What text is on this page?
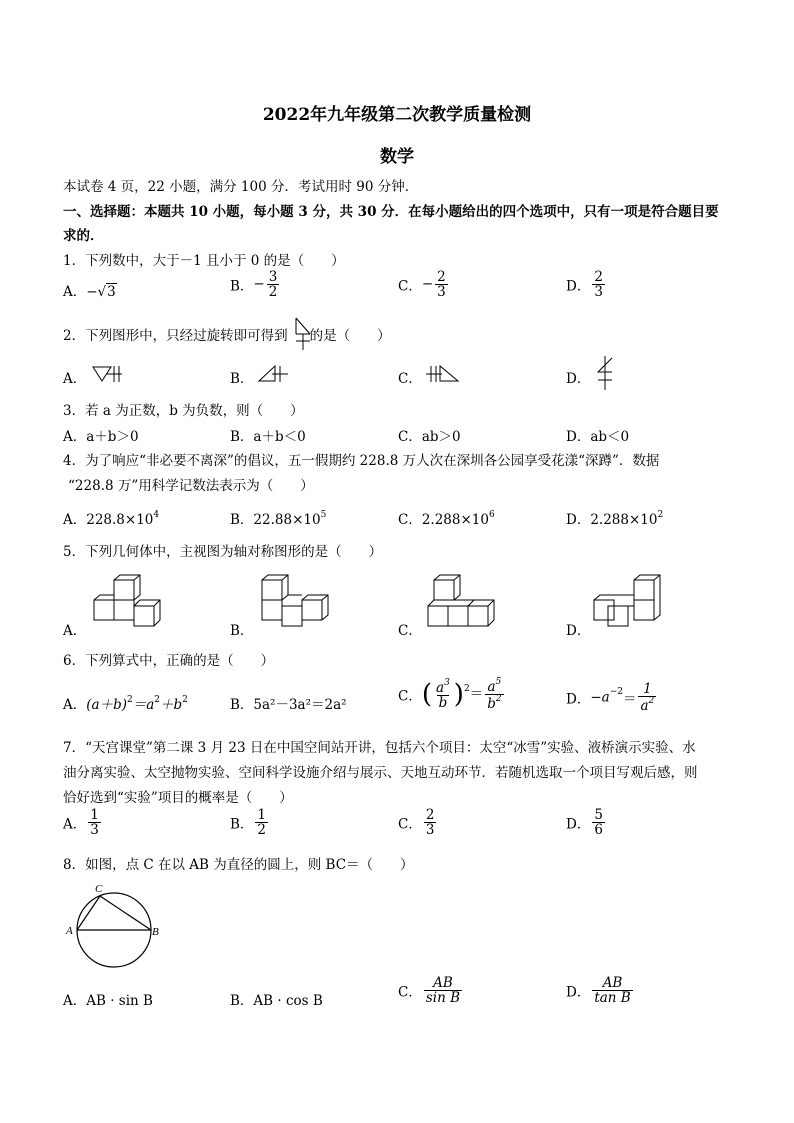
2022年九年级第二次教学质量检测
数学
本试卷 4 页，22 小题，满分 100 分．考试用时 90 分钟．
一、选择题：本题共 10 小题，每小题 3 分，共 30 分．在每小题给出的四个选项中，只有一项是符合题目要
求的．
1．下列数中，大于－1 且小于 0 的是（　　）
A．−√3	B．− $\frac{3}{2}$	C．− $\frac{2}{3}$	D． $\frac{2}{3}$
2．下列图形中，只经过旋转即可得到 的是（　　）
A．	B．	C．	D．
3．若 a 为正数，b 为负数，则（　　）
A．a＋b＞0	B．a＋b＜0	C．ab＞0	D．ab＜0
4．为了响应“非必要不离深”的倡议，五一假期约 228.8 万人次在深圳各公园享受花漾“深蹲”．数据
“228.8 万”用科学记数法表示为（　　）
A．$228.8\times 10^4$	B．$22.88\times 10^5$	C．$2.288\times 10^6$	D．$2.288\times 10^2$
5．下列几何体中，主视图为轴对称图形的是（　　）
A．	B．	C．	D．
6．下列算式中，正确的是（　　）
A．$(a+b)^2=a^2+b^2$	B．5a²－3a²＝2a²
C．( $\frac{a^3}{b} )^2= \frac{a^5}{b^2}$	D．$-a^{-2}= \frac{1}{a^2}$
7．“天宫课堂”第二课 3 月 23 日在中国空间站开讲，包括六个项目：太空“冰雪”实验、液桥演示实验、水
油分离实验、太空抛物实验、空间科学设施介绍与展示、天地互动环节．若随机选取一个项目写观后感，则
恰好选到“实验”项目的概率是（　　）
A． $\frac{1}{3}$	B． $\frac{1}{2}$	C． $\frac{2}{3}$	D． $\frac{5}{6}$
8．如图，点 C 在以 AB 为直径的圆上，则 BC＝（　　）
C
A	B
A．AB · sin B	B．AB · cos B
C． $\frac{AB}{\text{sin B}}$	D． $\frac{AB}{\text{tan B}}$
